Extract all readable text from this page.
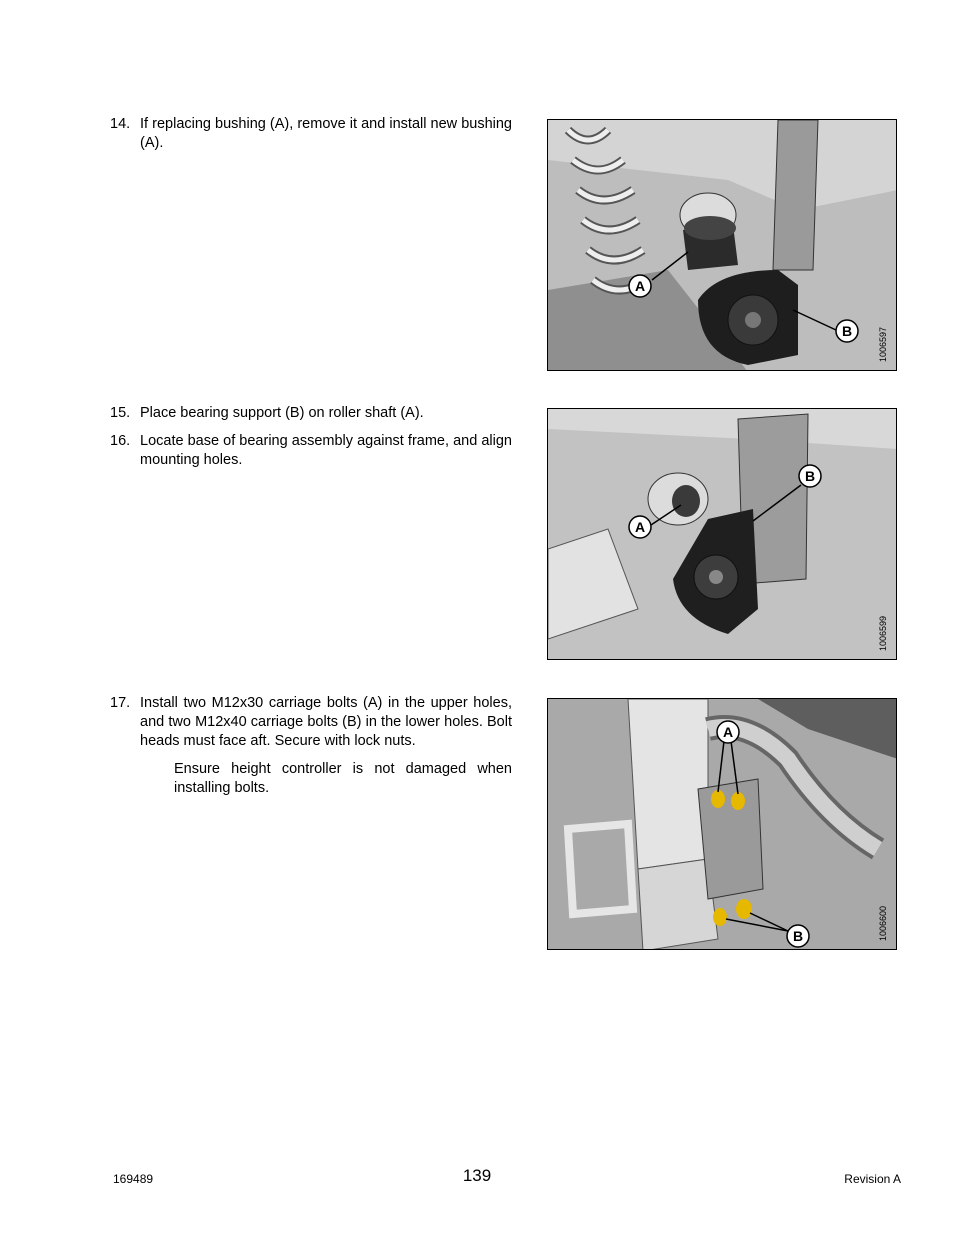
14. If replacing bushing (A), remove it and install new bushing (A).
A
B	1006597
15. Place bearing support (B) on roller shaft (A).
16. Locate base of bearing assembly against frame, and align mounting holes.
B
A
1006599
17. Install two M12x30 carriage bolts (A) in the upper holes, and two M12x40 carriage bolts (B) in the lower holes. Bolt heads must face aft. Secure with lock nuts.
Ensure height controller is not damaged when installing bolts.
A
B	1006600
169489	139	Revision A
